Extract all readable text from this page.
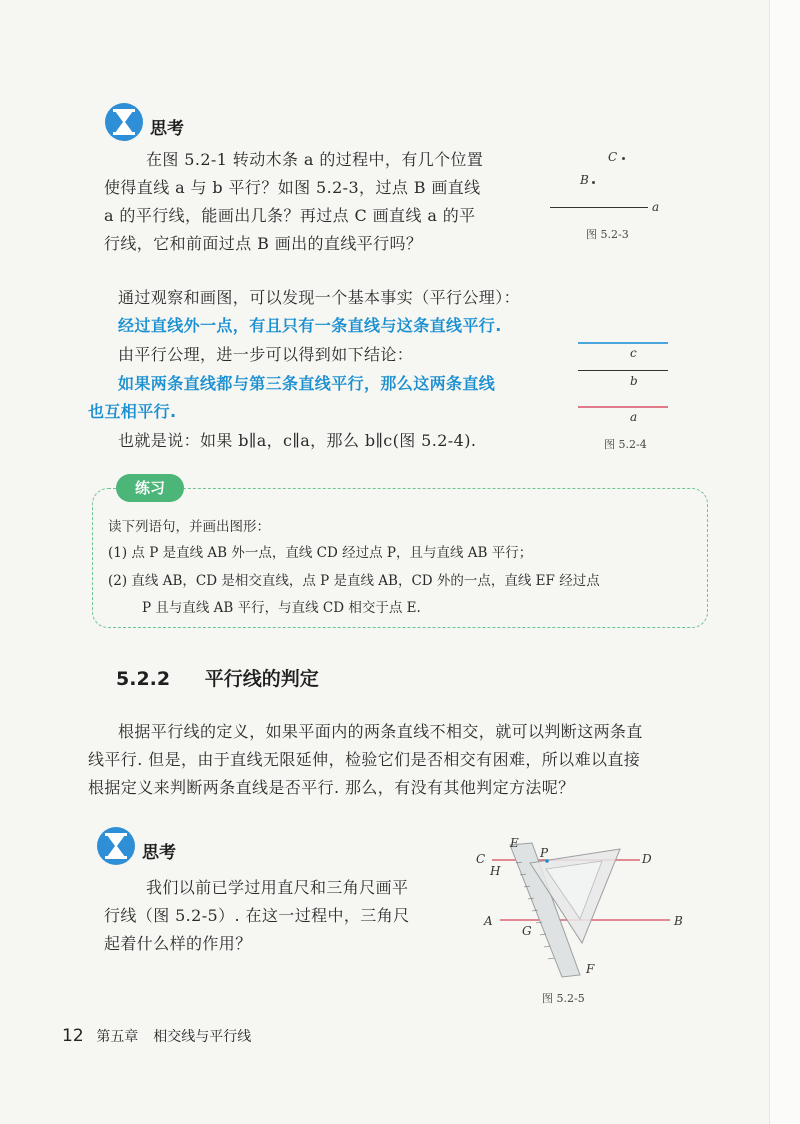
思考
在图 5.2-1 转动木条 a 的过程中，有几个位置
使得直线 a 与 b 平行？如图 5.2-3，过点 B 画直线
a 的平行线，能画出几条？再过点 C 画直线 a 的平
行线，它和前面过点 B 画出的直线平行吗？
C
B
a
图 5.2-3
通过观察和画图，可以发现一个基本事实（平行公理）：
经过直线外一点，有且只有一条直线与这条直线平行.
由平行公理，进一步可以得到如下结论：
如果两条直线都与第三条直线平行，那么这两条直线
也互相平行.
也就是说：如果 b∥a，c∥a，那么 b∥c(图 5.2-4).
c
b
a
图 5.2-4
练习
读下列语句，并画出图形：
(1) 点 P 是直线 AB 外一点，直线 CD 经过点 P，且与直线 AB 平行；
(2) 直线 AB，CD 是相交直线，点 P 是直线 AB，CD 外的一点，直线 EF 经过点
P 且与直线 AB 平行，与直线 CD 相交于点 E.
5.2.2 平行线的判定
根据平行线的定义，如果平面内的两条直线不相交，就可以判断这两条直
线平行. 但是，由于直线无限延伸，检验它们是否相交有困难，所以难以直接
根据定义来判断两条直线是否平行. 那么，有没有其他判定方法呢？
思考
我们以前已学过用直尺和三角尺画平
行线（图 5.2-5）. 在这一过程中，三角尺
起着什么样的作用？
C	D
E
P
H
A	B
G
F
图 5.2-5
12 第五章 相交线与平行线
